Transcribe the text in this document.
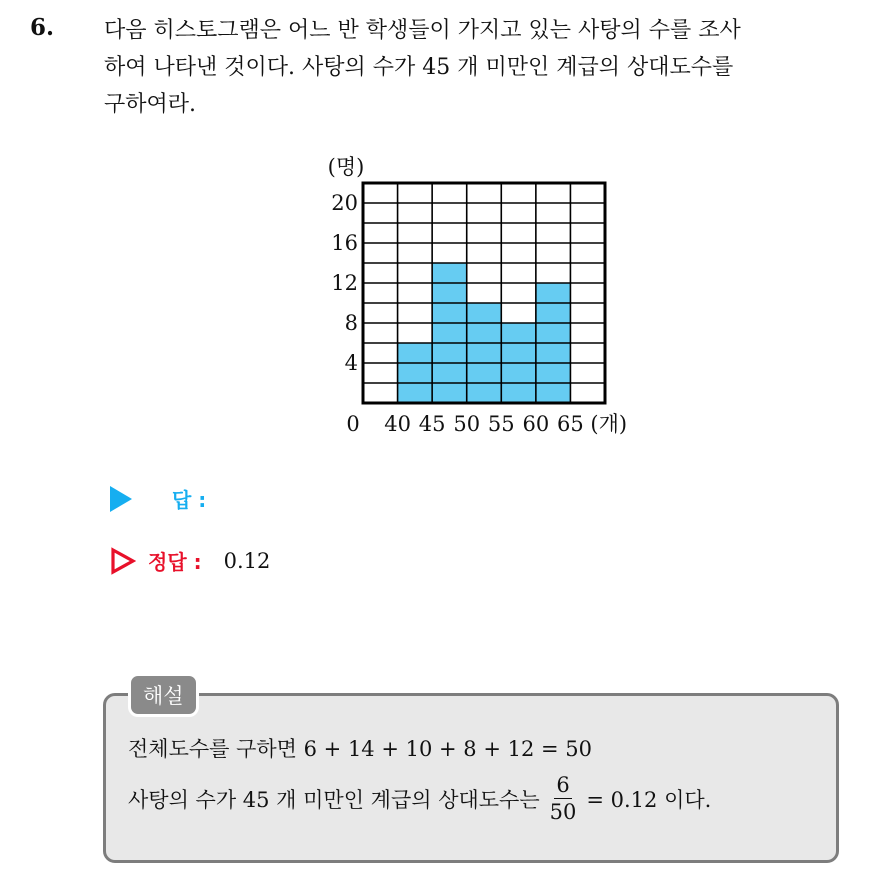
6. 다음 히스토그램은 어느 반 학생들이 가지고 있는 사탕의 수를 조사
하여 나타낸 것이다. 사탕의 수가 45 개 미만인 계급의 상대도수를
구하여라.
4
8
12
16
20
40 45 50 55 60 65
0
(명)
(개)
답 :
정답 : 0.12
해설
전체도수를 구하면 6 + 14 + 10 + 8 + 12 = 50
사탕의 수가 45 개 미만인 계급의 상대도수는 $\frac{6}{50} = 0.12$ 이다.
